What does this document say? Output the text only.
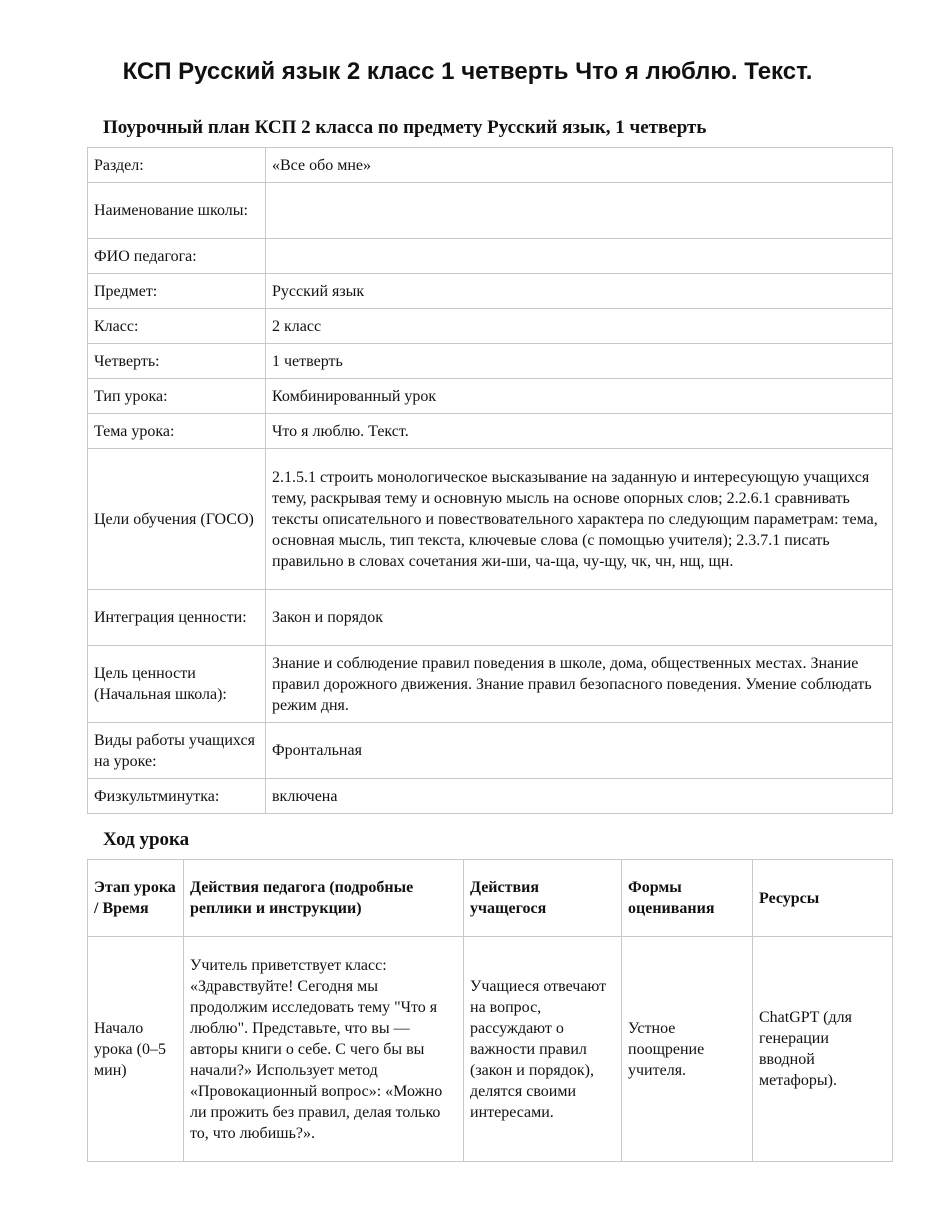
КСП Русский язык 2 класс 1 четверть Что я люблю. Текст.
Поурочный план КСП 2 класса по предмету Русский язык, 1 четверть
Раздел:	«Все обо мне»
Наименование школы:	
ФИО педагога:	
Предмет:	Русский язык
Класс:	2 класс
Четверть:	1 четверть
Тип урока:	Комбинированный урок
Тема урока:	Что я люблю. Текст.
Цели обучения (ГОСО)	2.1.5.1 строить монологическое высказывание на заданную и интересующую учащихся тему, раскрывая тему и основную мысль на основе опорных слов; 2.2.6.1 сравнивать тексты описательного и повествовательного характера по следующим параметрам: тема, основная мысль, тип текста, ключевые слова (с помощью учителя); 2.3.7.1 писать правильно в словах сочетания жи-ши, ча-ща, чу-щу, чк, чн, нщ, щн.
Интеграция ценности:	Закон и порядок
Цель ценности (Начальная школа):	Знание и соблюдение правил поведения в школе, дома, общественных местах. Знание правил дорожного движения. Знание правил безопасного поведения. Умение соблюдать режим дня.
Виды работы учащихся на уроке:	Фронтальная
Физкультминутка:	включена
Ход урока
Этап урока / Время	Действия педагога (подробные реплики и инструкции)	Действия учащегося	Формы оценивания	Ресурсы
Начало урока (0–5 мин)	Учитель приветствует класс: «Здравствуйте! Сегодня мы продолжим исследовать тему "Что я люблю". Представьте, что вы — авторы книги о себе. С чего бы вы начали?» Использует метод «Провокационный вопрос»: «Можно ли прожить без правил, делая только то, что любишь?».	Учащиеся отвечают на вопрос, рассуждают о важности правил (закон и порядок), делятся своими интересами.	Устное поощрение учителя.	ChatGPT (для генерации вводной метафоры).
